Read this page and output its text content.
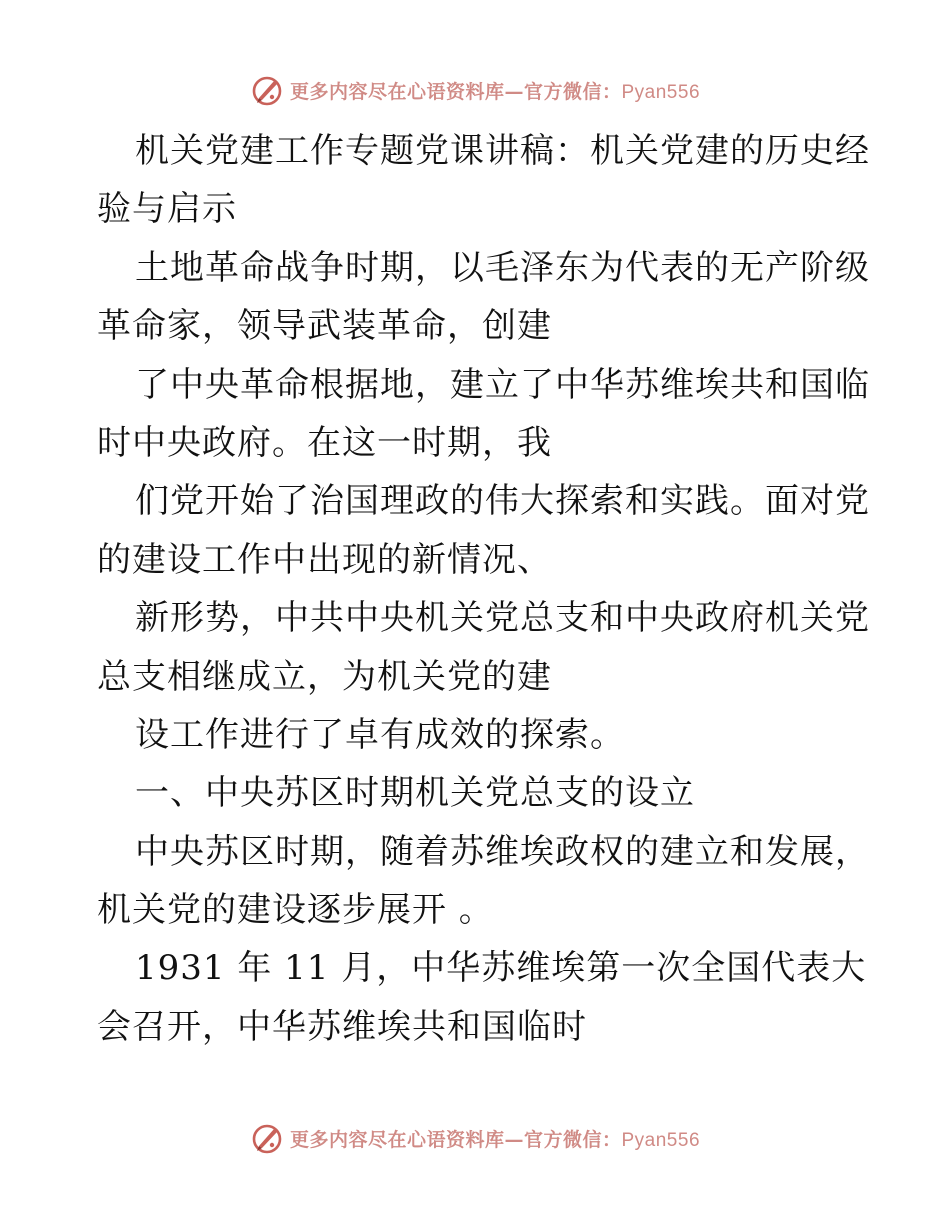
更多内容尽在心语资料库—官方微信：Pyan556
机关党建工作专题党课讲稿：机关党建的历史经
验与启示
土地革命战争时期，以毛泽东为代表的无产阶级
革命家，领导武装革命，创建
了中央革命根据地，建立了中华苏维埃共和国临
时中央政府。在这一时期，我
们党开始了治国理政的伟大探索和实践。面对党
的建设工作中出现的新情况、
新形势，中共中央机关党总支和中央政府机关党
总支相继成立，为机关党的建
设工作进行了卓有成效的探索。
一、中央苏区时期机关党总支的设立
中央苏区时期，随着苏维埃政权的建立和发展，
机关党的建设逐步展开 。
1931 年 11 月，中华苏维埃第一次全国代表大
会召开，中华苏维埃共和国临时
更多内容尽在心语资料库—官方微信：Pyan556
